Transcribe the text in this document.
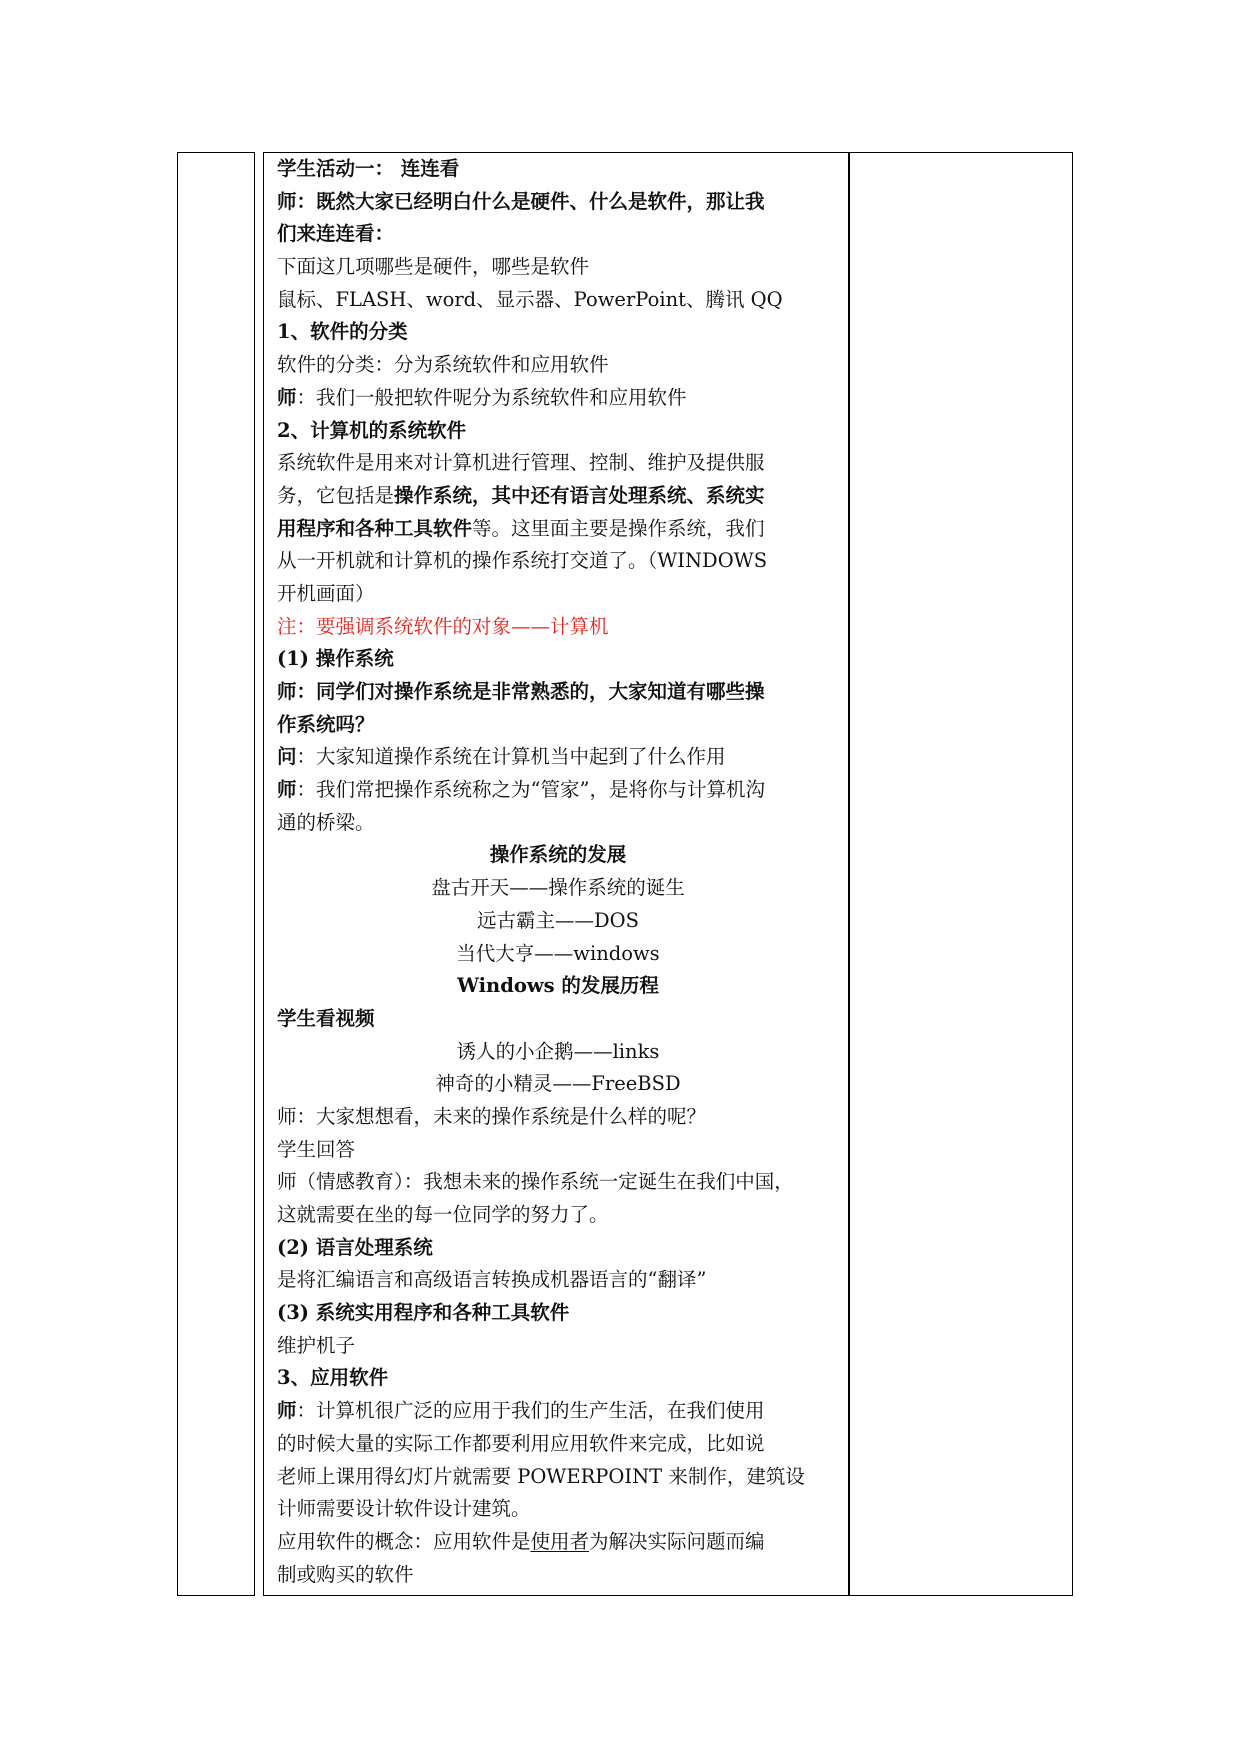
学生活动一： 连连看
师：既然大家已经明白什么是硬件、什么是软件，那让我
们来连连看：
下面这几项哪些是硬件，哪些是软件
鼠标、FLASH、word、显示器、PowerPoint、腾讯 QQ
1、软件的分类
软件的分类：分为系统软件和应用软件
师：我们一般把软件呢分为系统软件和应用软件
2、计算机的系统软件
系统软件是用来对计算机进行管理、控制、维护及提供服
务，它包括是操作系统，其中还有语言处理系统、系统实
用程序和各种工具软件等。这里面主要是操作系统，我们
从一开机就和计算机的操作系统打交道了。（WINDOWS
开机画面）
注：要强调系统软件的对象——计算机
(1) 操作系统
师：同学们对操作系统是非常熟悉的，大家知道有哪些操
作系统吗？
问：大家知道操作系统在计算机当中起到了什么作用
师：我们常把操作系统称之为“管家”，是将你与计算机沟
通的桥梁。
操作系统的发展
盘古开天——操作系统的诞生
远古霸主——DOS
当代大亨——windows
Windows 的发展历程
学生看视频
诱人的小企鹅——links
神奇的小精灵——FreeBSD
师：大家想想看，未来的操作系统是什么样的呢？
学生回答
师（情感教育）：我想未来的操作系统一定诞生在我们中国，
这就需要在坐的每一位同学的努力了。
(2) 语言处理系统
是将汇编语言和高级语言转换成机器语言的“翻译”
(3) 系统实用程序和各种工具软件
维护机子
3、应用软件
师：计算机很广泛的应用于我们的生产生活，在我们使用
的时候大量的实际工作都要利用应用软件来完成，比如说
老师上课用得幻灯片就需要 POWERPOINT 来制作，建筑设
计师需要设计软件设计建筑。
应用软件的概念：应用软件是使用者为解决实际问题而编
制或购买的软件
